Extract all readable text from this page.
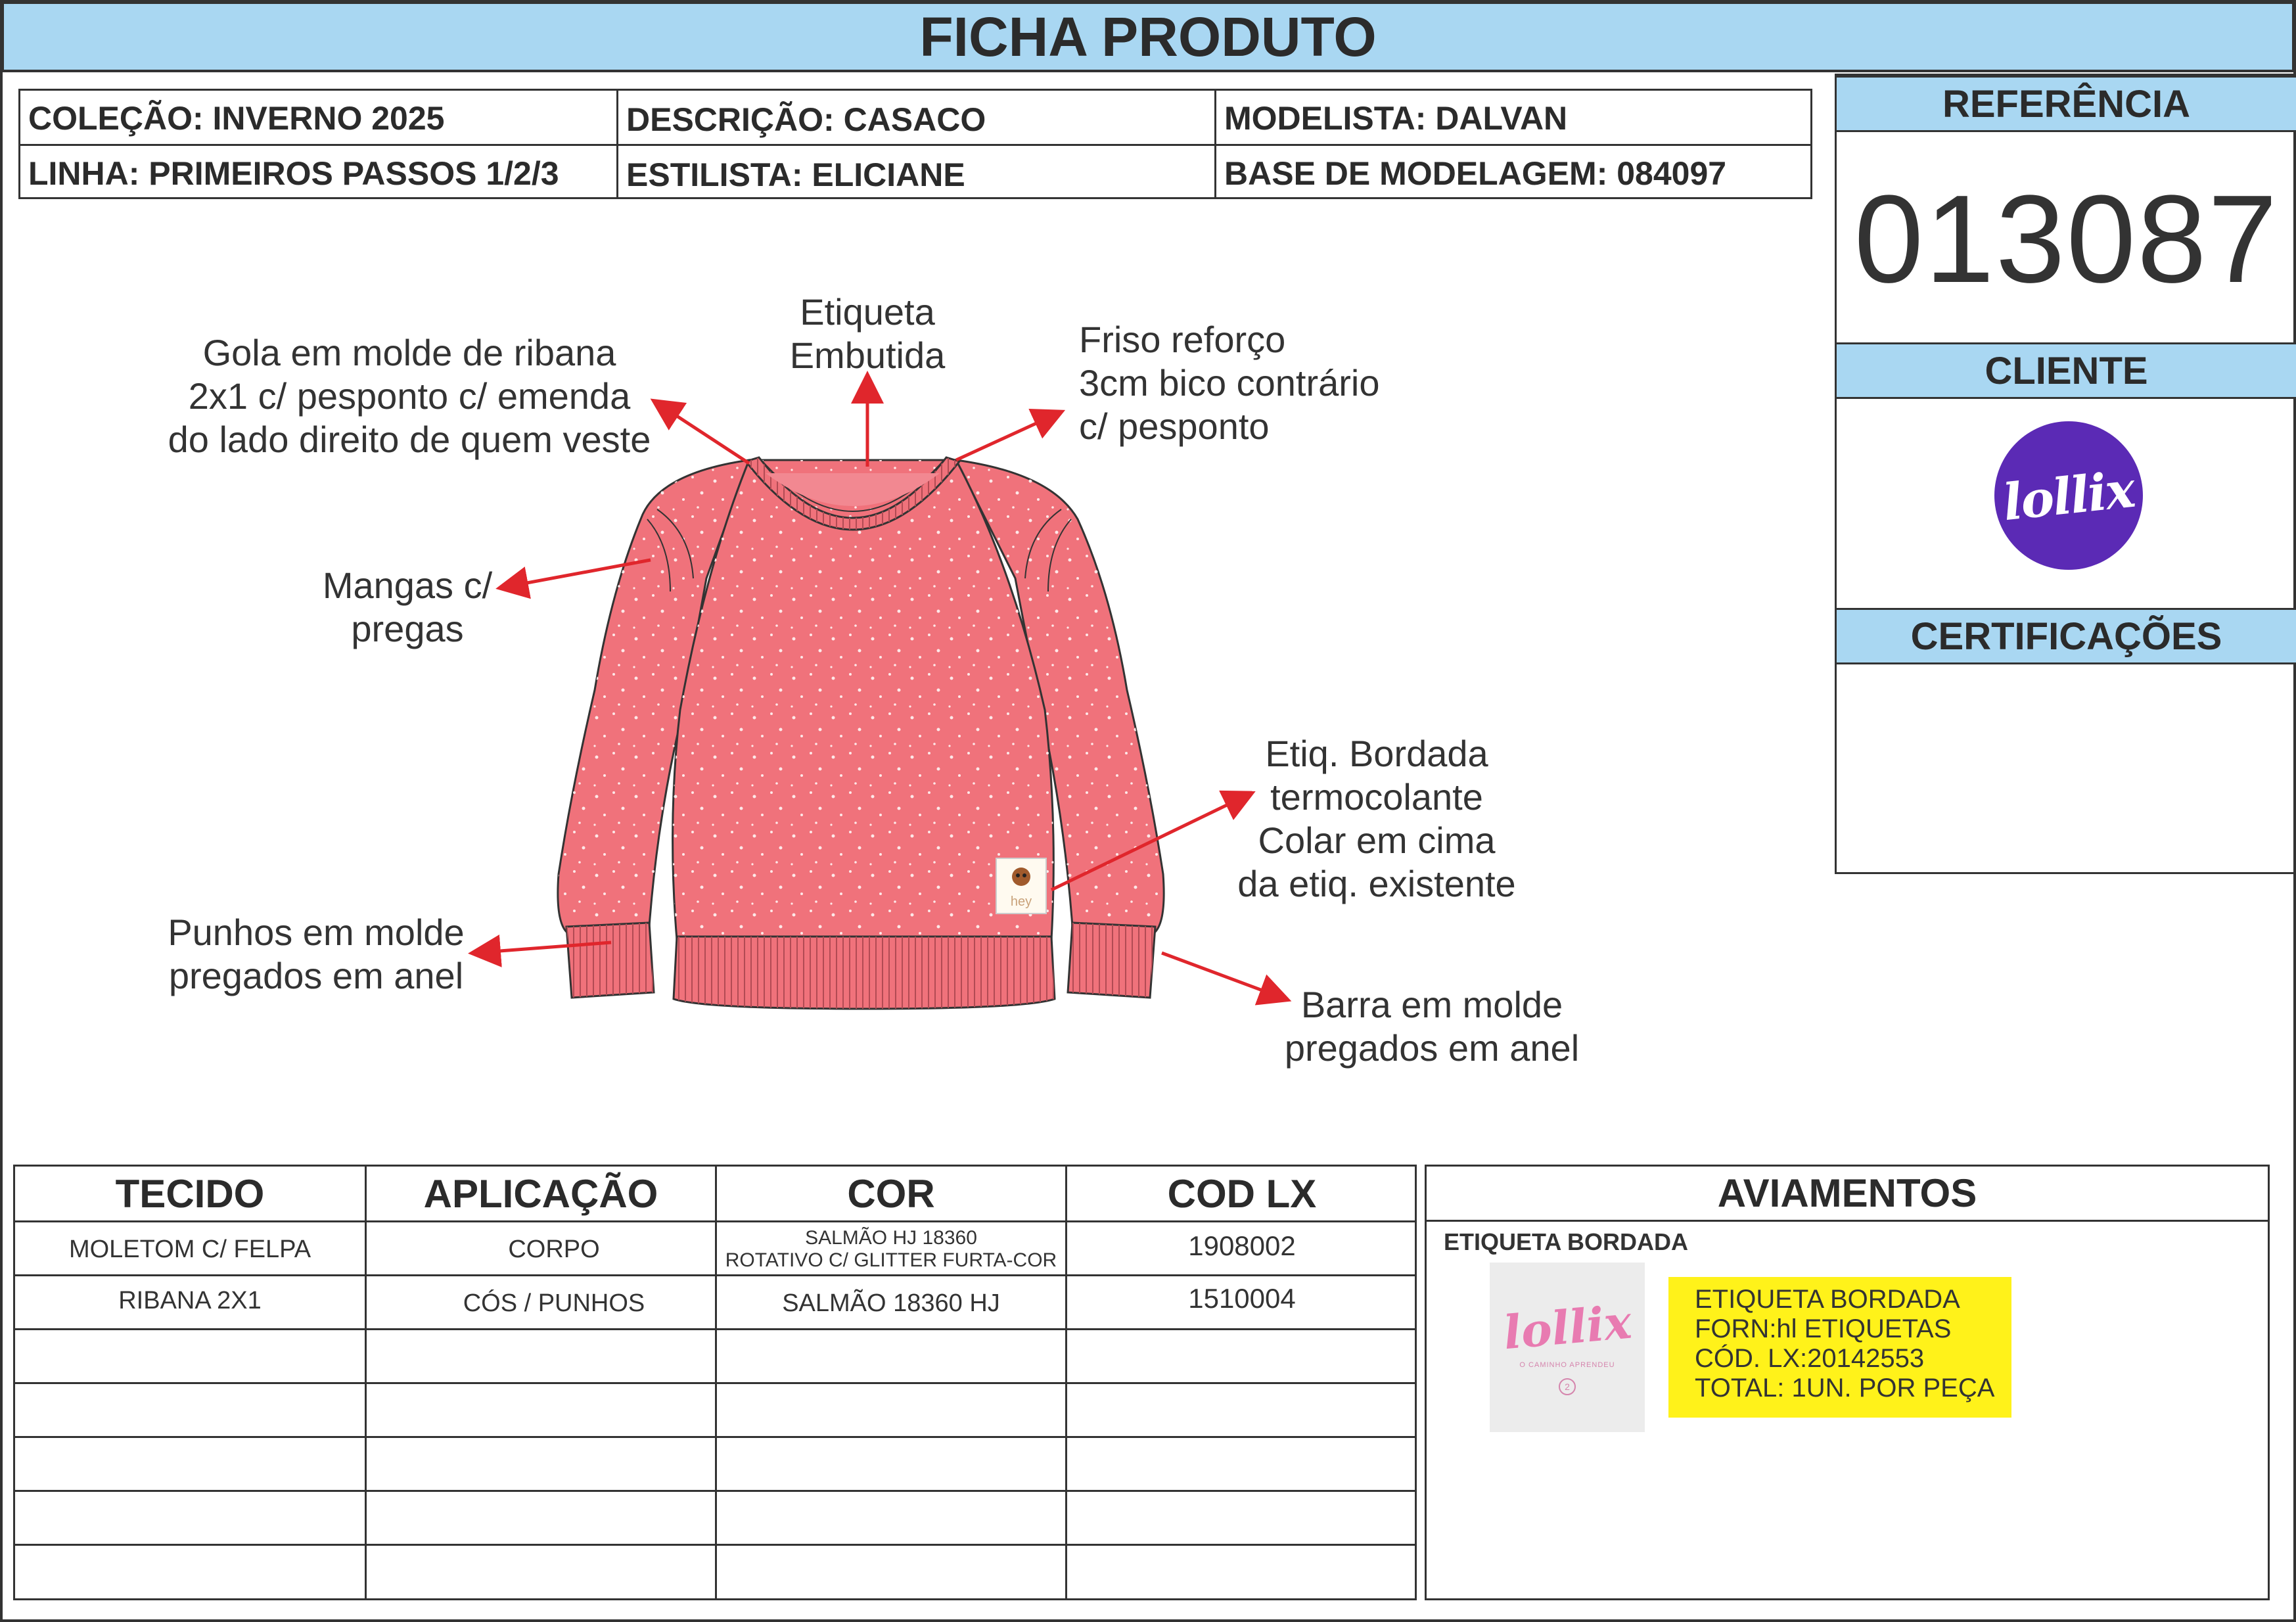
FICHA PRODUTO
COLEÇÃO: INVERNO 2025	DESCRIÇÃO: CASACO	MODELISTA: DALVAN
LINHA: PRIMEIROS PASSOS 1/2/3	ESTILISTA: ELICIANE	BASE DE MODELAGEM: 084097
REFERÊNCIA
013087
CLIENTE
lollix
CERTIFICAÇÕES
hey
Gola em molde de ribana
2x1 c/ pesponto c/ emenda
do lado direito de quem veste
Etiqueta
Embutida	Friso reforço
3cm bico contrário
c/ pesponto
Mangas c/
pregas
Etiq. Bordada
termocolante
Colar em cima
da etiq. existente
Punhos em molde
pregados em anel
Barra em molde
pregados em anel
TECIDO	APLICAÇÃO	COR	COD LX
MOLETOM C/ FELPA	CORPO	SALMÃO HJ 18360
ROTATIVO C/ GLITTER FURTA-COR	1908002
RIBANA 2X1	CÓS / PUNHOS	SALMÃO 18360 HJ	1510004
AVIAMENTOS
ETIQUETA BORDADA
lollix
O CAMINHO APRENDEU
2
ETIQUETA BORDADA
FORN:hl ETIQUETAS
CÓD. LX:20142553
TOTAL: 1UN. POR PEÇA
